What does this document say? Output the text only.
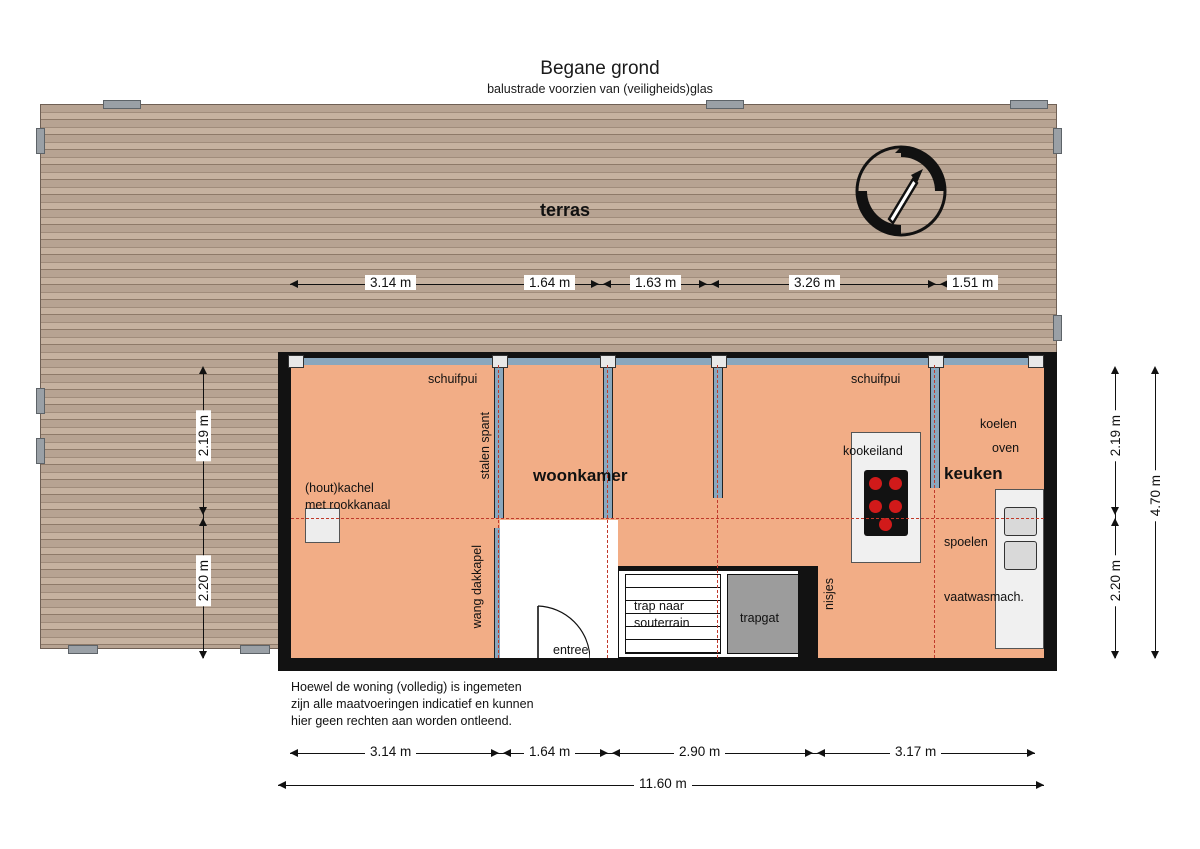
Begane grond
balustrade voorzien van (veiligheids)glas
terras
3.14 m	1.64 m	1.63 m	3.26 m	1.51 m
2.19 m
2.20 m
entree
(hout)kachel
met rookkanaal
woonkamer	keuken
schuifpui	schuifpui
stalen spant
wang dakkapel
kookeiland
koelen
oven
spoelen
vaatwasmach.
nisjes
trap naar
souterrain	trapgat
2.19 m
2.20 m
4.70 m
Hoewel de woning (volledig) is ingemeten
zijn alle maatvoeringen indicatief en kunnen
hier geen rechten aan worden ontleend.
3.14 m	1.64 m	2.90 m	3.17 m
11.60 m
